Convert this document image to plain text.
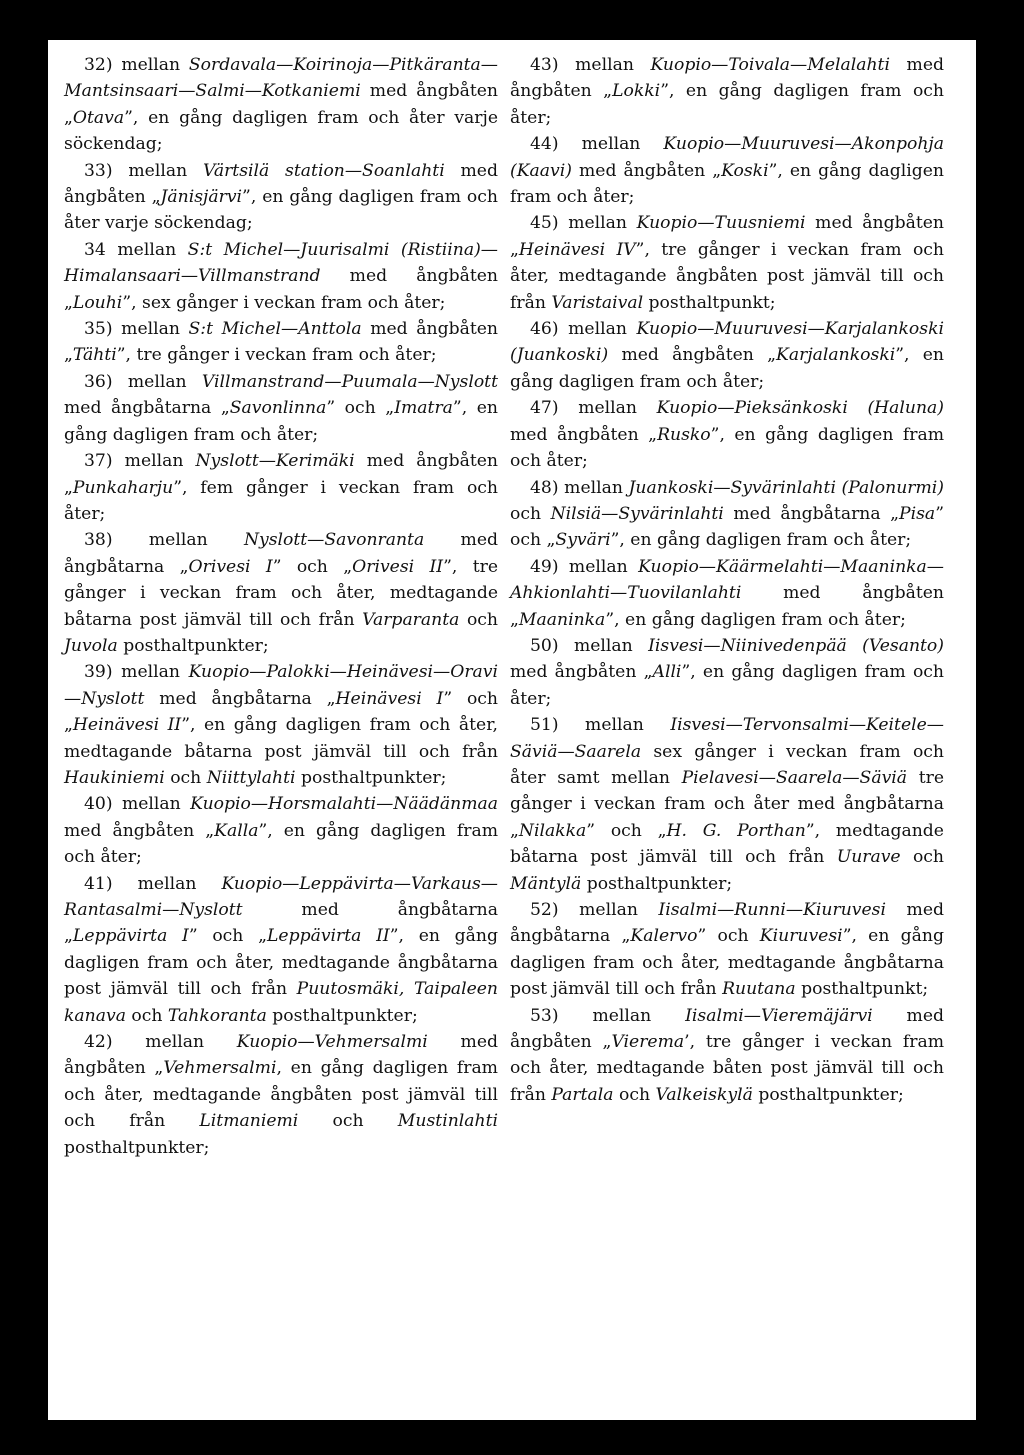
32) mellan Sordavala—Koirinoja—Pitkäranta—Mantsinsaari—Salmi—Kotkaniemi med ångbåten „Otava”, en gång dagligen fram och åter varje söckendag;

33) mellan Värtsilä station—Soanlahti med ångbåten „Jänisjärvi”, en gång dagligen fram och åter varje söckendag;

34 mellan S:t Michel—Juurisalmi (Ristiina)—Himalansaari—Villmanstrand med ångbåten „Louhi”, sex gånger i veckan fram och åter;

35) mellan S:t Michel—Anttola med ångbåten „Tähti”, tre gånger i veckan fram och åter;

36) mellan Villmanstrand—Puumala—Nyslott med ångbåtarna „Savonlinna” och „Imatra”, en gång dagligen fram och åter;

37) mellan Nyslott—Kerimäki med ångbåten „Punkaharju”, fem gånger i veckan fram och åter;

38) mellan Nyslott—Savonranta med ångbåtarna „Orivesi I” och „Orivesi II”, tre gånger i veckan fram och åter, medtagande båtarna post jämväl till och från Varparanta och Juvola posthaltpunkter;

39) mellan Kuopio—Palokki—Heinävesi—Oravi—Nyslott med ångbåtarna „Heinävesi I” och „Heinävesi II”, en gång dagligen fram och åter, medtagande båtarna post jämväl till och från Haukiniemi och Niittylahti posthaltpunkter;

40) mellan Kuopio—Horsmalahti—Näädänmaa med ångbåten „Kalla”, en gång dagligen fram och åter;

41) mellan Kuopio—Leppävirta—Varkaus—Rantasalmi—Nyslott med ångbåtarna „Leppävirta I” och „Leppävirta II”, en gång dagligen fram och åter, medtagande ångbåtarna post jämväl till och från Puutosmäki, Taipaleen kanava och Tahkoranta posthaltpunkter;

42) mellan Kuopio—Vehmersalmi med ångbåten „Vehmersalmi, en gång dagligen fram och åter, medtagande ångbåten post jämväl till och från Litmaniemi och Mustinlahti posthaltpunkter;

43) mellan Kuopio—Toivala—Melalahti med ångbåten „Lokki”, en gång dagligen fram och åter;

44) mellan Kuopio—Muuruvesi—Akonpohja (Kaavi) med ångbåten „Koski”, en gång dagligen fram och åter;

45) mellan Kuopio—Tuusniemi med ångbåten „Heinävesi IV”, tre gånger i veckan fram och åter, medtagande ångbåten post jämväl till och från Varistaival posthaltpunkt;

46) mellan Kuopio—Muuruvesi—Karjalankoski (Juankoski) med ångbåten „Karjalankoski”, en gång dagligen fram och åter;

47) mellan Kuopio—Pieksänkoski (Haluna) med ångbåten „Rusko”, en gång dagligen fram och åter;

48) mellan Juankoski—Syvärinlahti (Palonurmi) och Nilsiä—Syvärinlahti med ångbåtarna „Pisa” och „Syväri”, en gång dagligen fram och åter;

49) mellan Kuopio—Käärmelahti—Maaninka—Ahkionlahti—Tuovilanlahti med ångbåten „Maaninka”, en gång dagligen fram och åter;

50) mellan Iisvesi—Niinivedenpää (Vesanto) med ångbåten „Alli”, en gång dagligen fram och åter;

51) mellan Iisvesi—Tervonsalmi—Keitele—Säviä—Saarela sex gånger i veckan fram och åter samt mellan Pielavesi—Saarela—Säviä tre gånger i veckan fram och åter med ångbåtarna „Nilakka” och „H. G. Porthan”, medtagande båtarna post jämväl till och från Uurave och Mäntylä posthaltpunkter;

52) mellan Iisalmi—Runni—Kiuruvesi med ångbåtarna „Kalervo” och Kiuruvesi”, en gång dagligen fram och åter, medtagande ångbåtarna post jämväl till och från Ruutana posthaltpunkt;

53) mellan Iisalmi—Vieremäjärvi med ångbåten „Vierema’, tre gånger i veckan fram och åter, medtagande båten post jämväl till och från Partala och Valkeiskylä posthaltpunkter;
